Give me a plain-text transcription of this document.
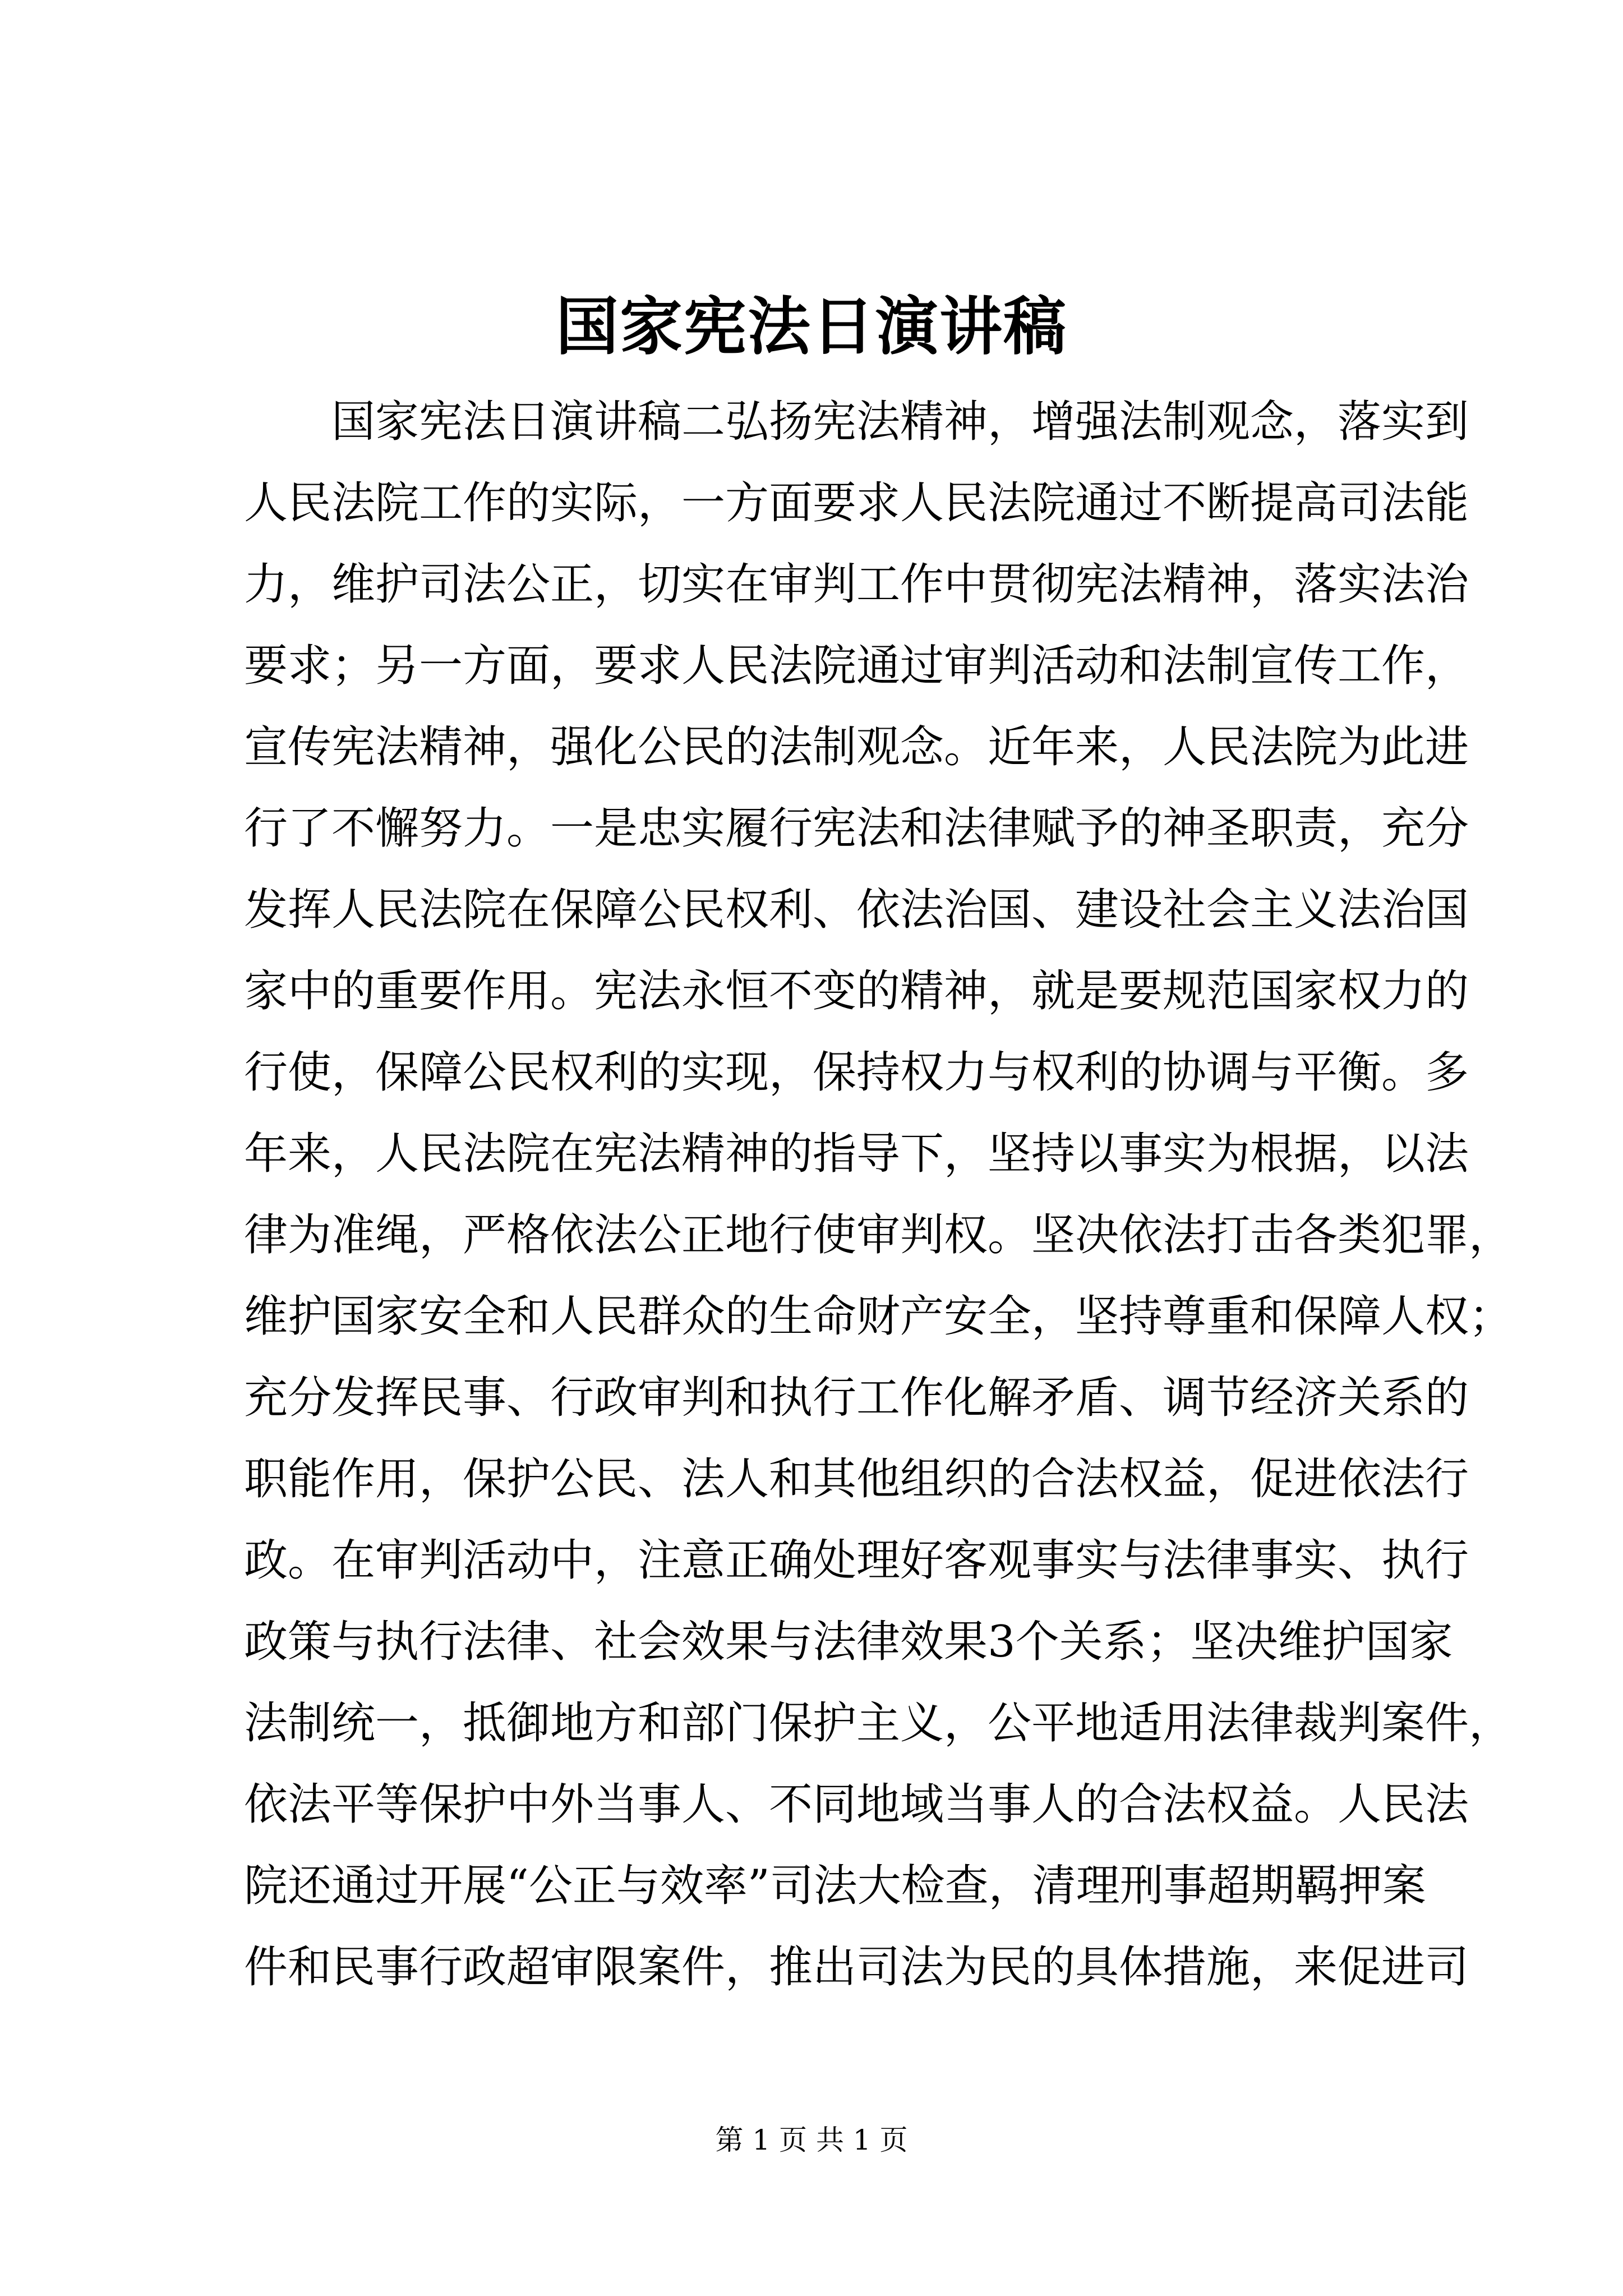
国家宪法日演讲稿
国家宪法日演讲稿二弘扬宪法精神，增强法制观念，落实到
人民法院工作的实际，一方面要求人民法院通过不断提高司法能
力，维护司法公正，切实在审判工作中贯彻宪法精神，落实法治
要求；另一方面，要求人民法院通过审判活动和法制宣传工作，
宣传宪法精神，强化公民的法制观念。近年来，人民法院为此进
行了不懈努力。一是忠实履行宪法和法律赋予的神圣职责，充分
发挥人民法院在保障公民权利、依法治国、建设社会主义法治国
家中的重要作用。宪法永恒不变的精神，就是要规范国家权力的
行使，保障公民权利的实现，保持权力与权利的协调与平衡。多
年来，人民法院在宪法精神的指导下，坚持以事实为根据，以法
律为准绳，严格依法公正地行使审判权。坚决依法打击各类犯罪，
维护国家安全和人民群众的生命财产安全，坚持尊重和保障人权；
充分发挥民事、行政审判和执行工作化解矛盾、调节经济关系的
职能作用，保护公民、法人和其他组织的合法权益，促进依法行
政。在审判活动中，注意正确处理好客观事实与法律事实、执行
政策与执行法律、社会效果与法律效果3个关系；坚决维护国家
法制统一，抵御地方和部门保护主义，公平地适用法律裁判案件，
依法平等保护中外当事人、不同地域当事人的合法权益。人民法
院还通过开展“公正与效率”司法大检查，清理刑事超期羁押案
件和民事行政超审限案件，推出司法为民的具体措施，来促进司
第 1 页 共 1 页
